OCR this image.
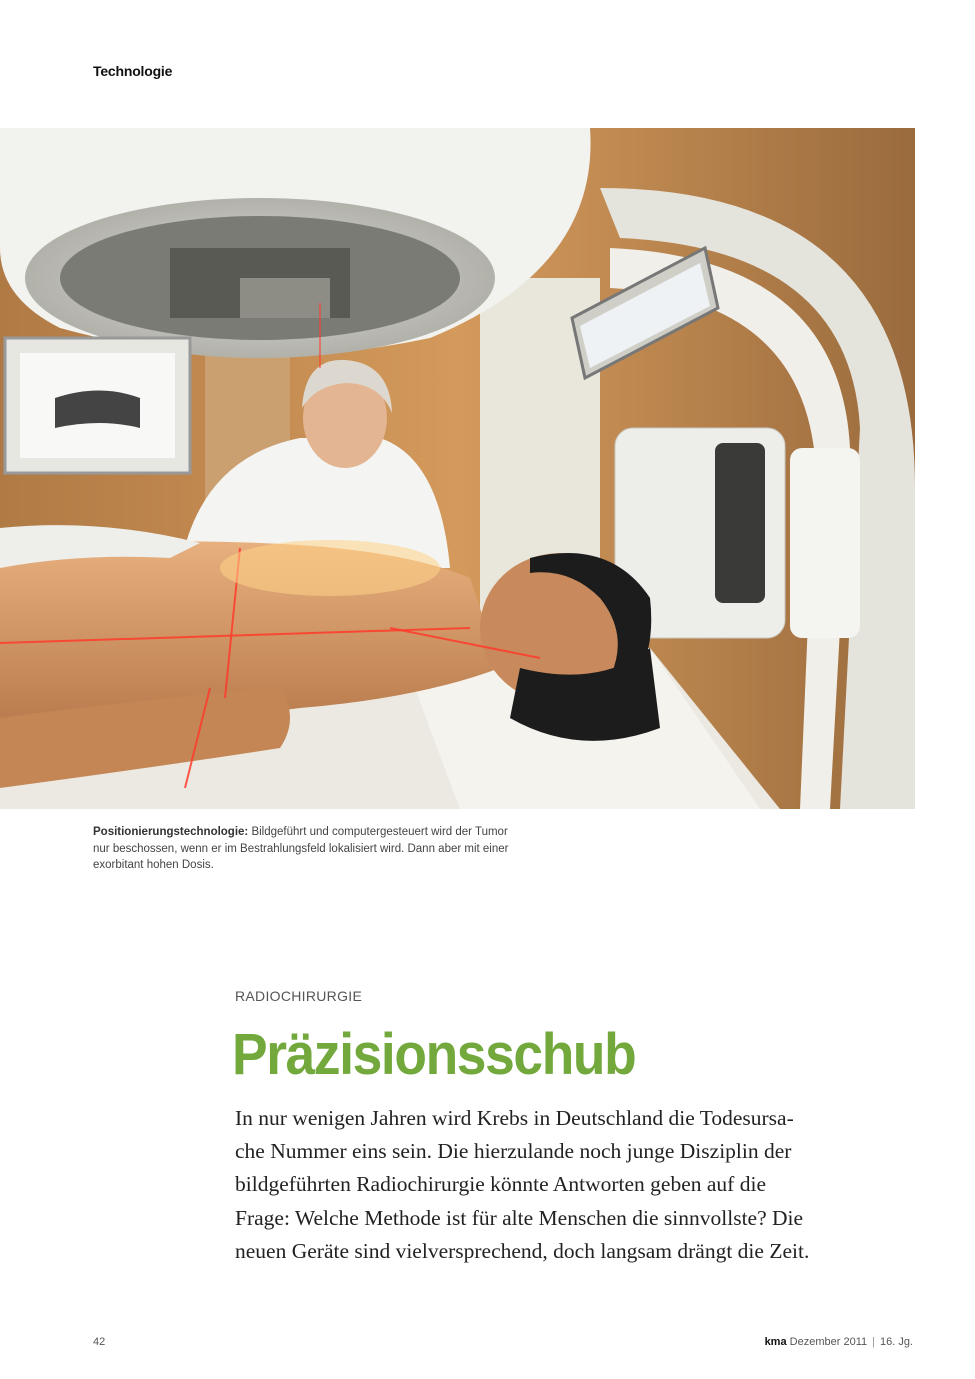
Technologie
Positionierungstechnologie: Bildgeführt und computergesteuert wird der Tumor nur beschossen, wenn er im Bestrahlungsfeld lokalisiert wird. Dann aber mit einer exorbitant hohen Dosis.
RADIOCHIRURGIE
Präzisionsschub
In nur wenigen Jahren wird Krebs in Deutschland die Todesursa-
che Nummer eins sein. Die hierzulande noch junge Disziplin der
bildgeführten Radiochirurgie könnte Antworten geben auf die
Frage: Welche Methode ist für alte Menschen die sinnvollste? Die
neuen Geräte sind vielversprechend, doch langsam drängt die Zeit.
42	kma Dezember 2011 | 16. Jg.
